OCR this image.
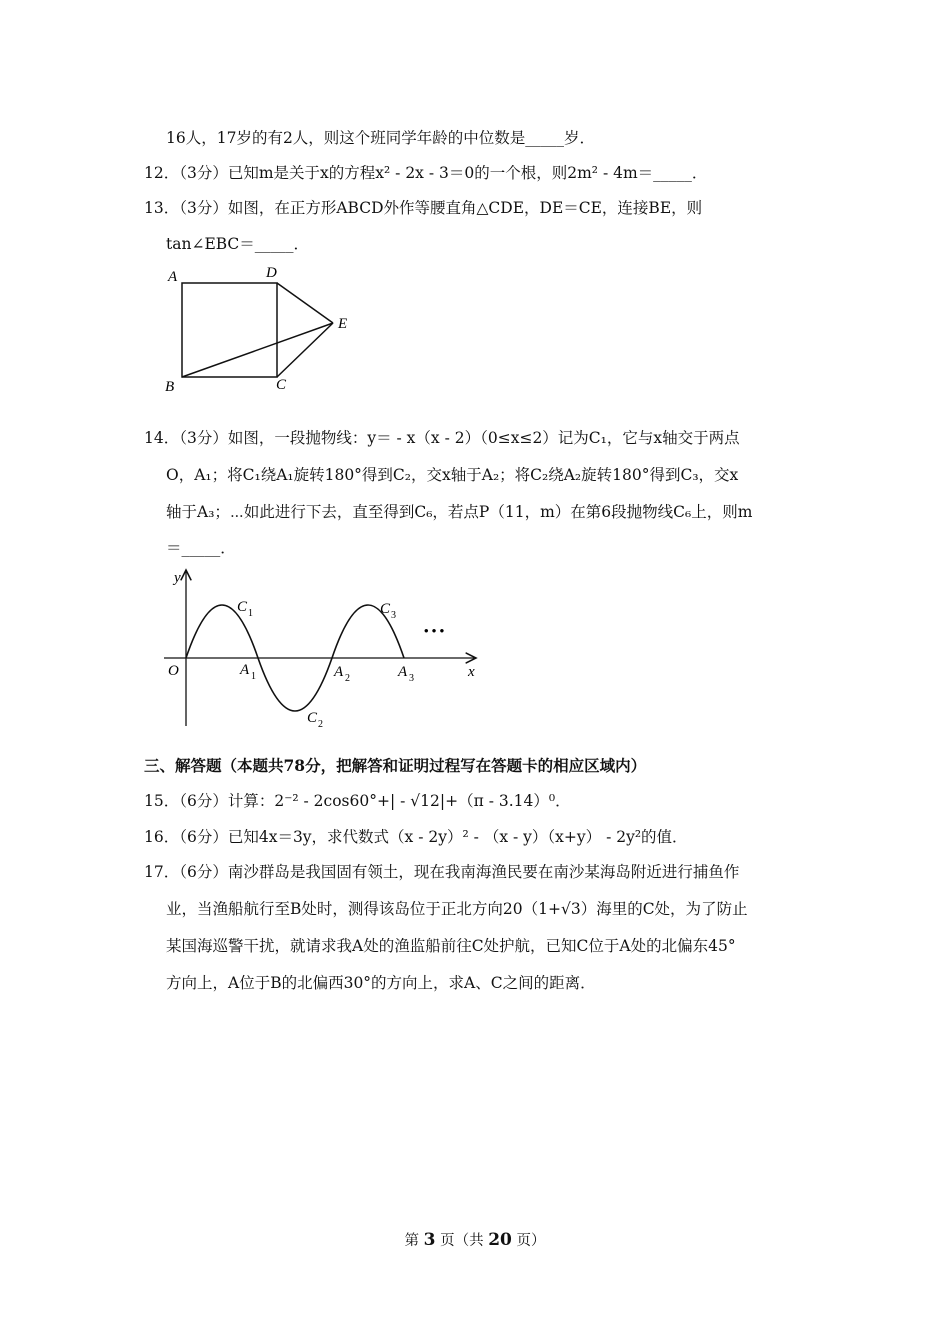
16人，17岁的有2人，则这个班同学年龄的中位数是_____岁．
12．（3分）已知m是关于x的方程x² - 2x - 3＝0的一个根，则2m² - 4m＝_____．
13．（3分）如图，在正方形ABCD外作等腰直角△CDE，DE＝CE，连接BE，则
tan∠EBC＝_____．
A	D
E
B	C
14．（3分）如图，一段抛物线：y＝ - x（x - 2）（0≤x≤2）记为C₁，它与x轴交于两点
O，A₁；将C₁绕A₁旋转180°得到C₂，交x轴于A₂；将C₂绕A₂旋转180°得到C₃，交x
轴于A₃；⋯如此进行下去，直至得到C₆，若点P（11，m）在第6段抛物线C₆上，则m
＝_____．
y
x
O
C 1
C 2
C 3
A 1	A 2	A 3
• • •
三、解答题（本题共78分，把解答和证明过程写在答题卡的相应区域内）
15．（6分）计算：2⁻² - 2cos60°+| - √12|+（π - 3.14）⁰．
16．（6分）已知4x＝3y，求代数式（x - 2y）² - （x - y）（x+y） - 2y²的值．
17．（6分）南沙群岛是我国固有领土，现在我南海渔民要在南沙某海岛附近进行捕鱼作
业，当渔船航行至B处时，测得该岛位于正北方向20（1+√3）海里的C处，为了防止
某国海巡警干扰，就请求我A处的渔监船前往C处护航，已知C位于A处的北偏东45°
方向上，A位于B的北偏西30°的方向上，求A、C之间的距离．
第 3 页（共 20 页）
